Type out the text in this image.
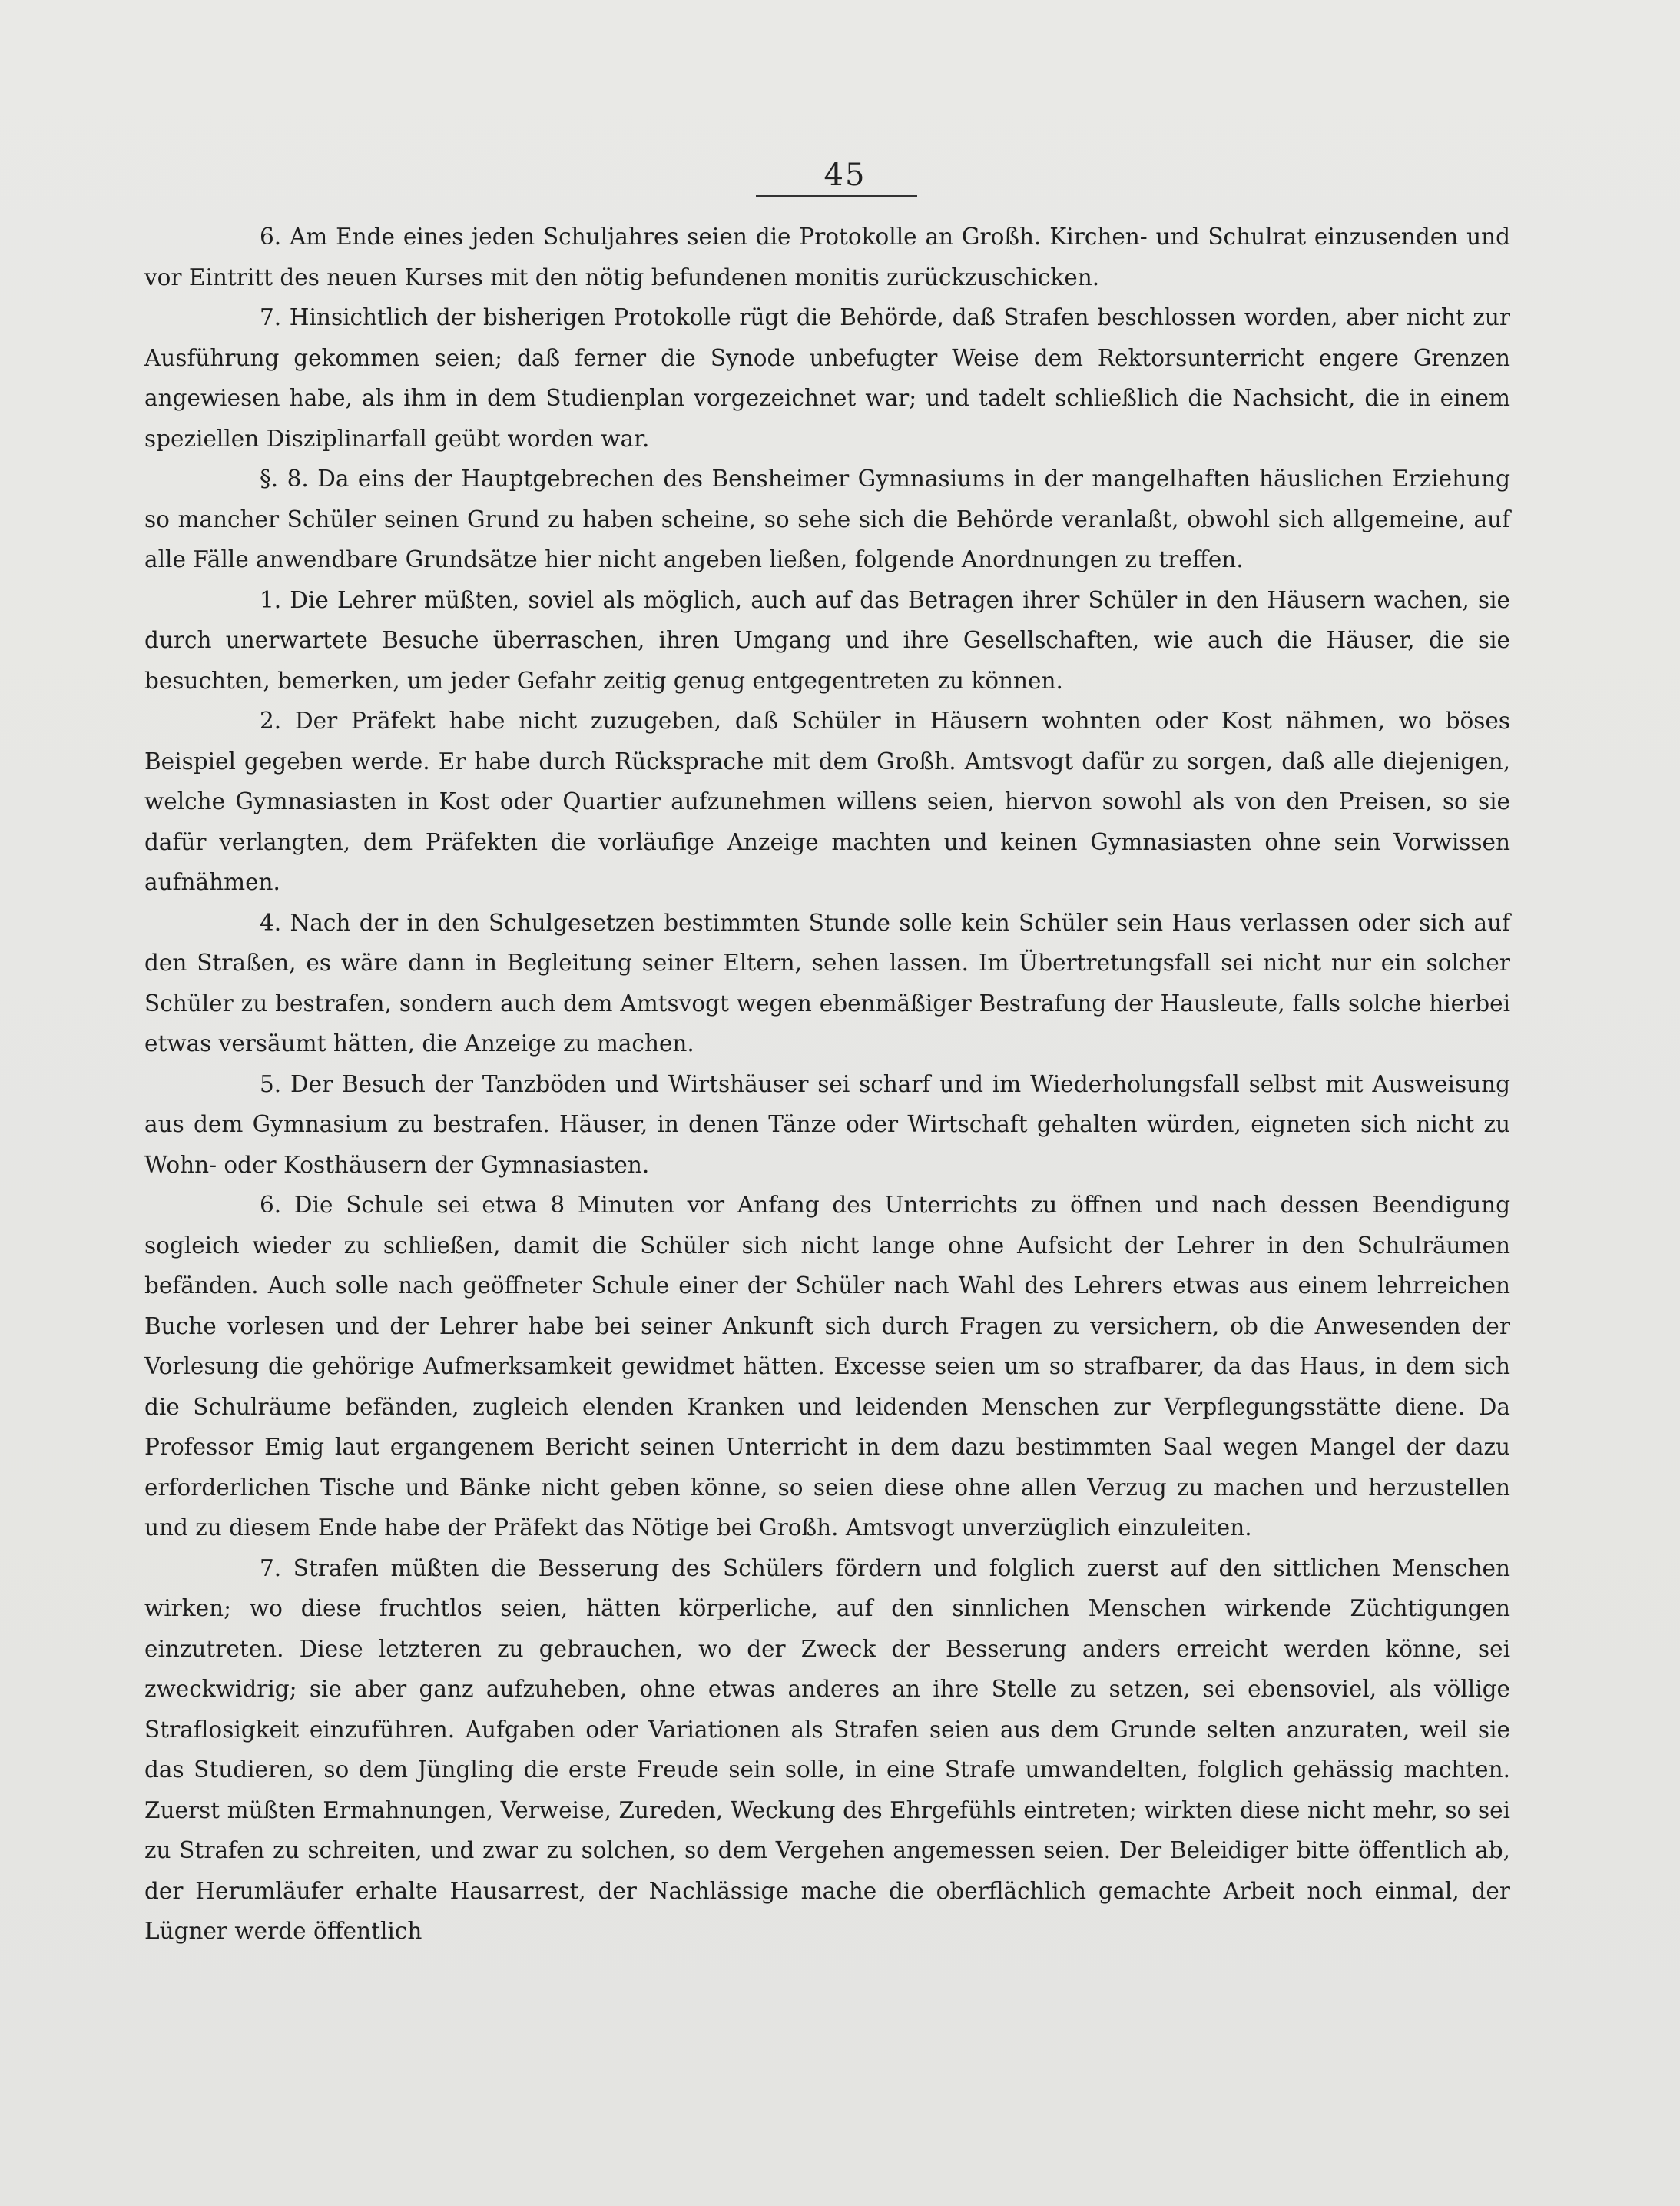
45

6. Am Ende eines jeden Schuljahres seien die Protokolle an Großh. Kirchen- und Schulrat einzusenden und vor Eintritt des neuen Kurses mit den nötig befundenen monitis zurückzuschicken.

7. Hinsichtlich der bisherigen Protokolle rügt die Behörde, daß Strafen beschlossen worden, aber nicht zur Ausführung gekommen seien; daß ferner die Synode unbefugter Weise dem Rektorsunterricht engere Grenzen angewiesen habe, als ihm in dem Studienplan vorgezeichnet war; und tadelt schließlich die Nachsicht, die in einem speziellen Disziplinarfall geübt worden war.

§. 8. Da eins der Hauptgebrechen des Bensheimer Gymnasiums in der mangelhaften häuslichen Erziehung so mancher Schüler seinen Grund zu haben scheine, so sehe sich die Behörde veranlaßt, obwohl sich allgemeine, auf alle Fälle anwendbare Grundsätze hier nicht angeben ließen, folgende Anordnungen zu treffen.

1. Die Lehrer müßten, soviel als möglich, auch auf das Betragen ihrer Schüler in den Häusern wachen, sie durch unerwartete Besuche überraschen, ihren Umgang und ihre Gesellschaften, wie auch die Häuser, die sie besuchten, bemerken, um jeder Gefahr zeitig genug entgegentreten zu können.

2. Der Präfekt habe nicht zuzugeben, daß Schüler in Häusern wohnten oder Kost nähmen, wo böses Beispiel gegeben werde. Er habe durch Rücksprache mit dem Großh. Amtsvogt dafür zu sorgen, daß alle diejenigen, welche Gymnasiasten in Kost oder Quartier aufzunehmen willens seien, hiervon sowohl als von den Preisen, so sie dafür verlangten, dem Präfekten die vorläufige Anzeige machten und keinen Gymnasiasten ohne sein Vorwissen aufnähmen.

4. Nach der in den Schulgesetzen bestimmten Stunde solle kein Schüler sein Haus verlassen oder sich auf den Straßen, es wäre dann in Begleitung seiner Eltern, sehen lassen. Im Übertretungsfall sei nicht nur ein solcher Schüler zu bestrafen, sondern auch dem Amtsvogt wegen ebenmäßiger Bestrafung der Hausleute, falls solche hierbei etwas versäumt hätten, die Anzeige zu machen.

5. Der Besuch der Tanzböden und Wirtshäuser sei scharf und im Wiederholungsfall selbst mit Ausweisung aus dem Gymnasium zu bestrafen. Häuser, in denen Tänze oder Wirtschaft gehalten würden, eigneten sich nicht zu Wohn- oder Kosthäusern der Gymnasiasten.

6. Die Schule sei etwa 8 Minuten vor Anfang des Unterrichts zu öffnen und nach dessen Beendigung sogleich wieder zu schließen, damit die Schüler sich nicht lange ohne Aufsicht der Lehrer in den Schulräumen befänden. Auch solle nach geöffneter Schule einer der Schüler nach Wahl des Lehrers etwas aus einem lehrreichen Buche vorlesen und der Lehrer habe bei seiner Ankunft sich durch Fragen zu versichern, ob die Anwesenden der Vorlesung die gehörige Aufmerksamkeit gewidmet hätten. Excesse seien um so strafbarer, da das Haus, in dem sich die Schulräume befänden, zugleich elenden Kranken und leidenden Menschen zur Verpflegungsstätte diene. Da Professor Emig laut ergangenem Bericht seinen Unterricht in dem dazu bestimmten Saal wegen Mangel der dazu erforderlichen Tische und Bänke nicht geben könne, so seien diese ohne allen Verzug zu machen und herzustellen und zu diesem Ende habe der Präfekt das Nötige bei Großh. Amtsvogt unverzüglich einzuleiten.

7. Strafen müßten die Besserung des Schülers fördern und folglich zuerst auf den sittlichen Menschen wirken; wo diese fruchtlos seien, hätten körperliche, auf den sinnlichen Menschen wirkende Züchtigungen einzutreten. Diese letzteren zu gebrauchen, wo der Zweck der Besserung anders erreicht werden könne, sei zweckwidrig; sie aber ganz aufzuheben, ohne etwas anderes an ihre Stelle zu setzen, sei ebensoviel, als völlige Straflosigkeit einzuführen. Aufgaben oder Variationen als Strafen seien aus dem Grunde selten anzuraten, weil sie das Studieren, so dem Jüngling die erste Freude sein solle, in eine Strafe umwandelten, folglich gehässig machten. Zuerst müßten Ermahnungen, Verweise, Zureden, Weckung des Ehrgefühls eintreten; wirkten diese nicht mehr, so sei zu Strafen zu schreiten, und zwar zu solchen, so dem Vergehen angemessen seien. Der Beleidiger bitte öffentlich ab, der Herumläufer erhalte Hausarrest, der Nachlässige mache die oberflächlich gemachte Arbeit noch einmal, der Lügner werde öffentlich
